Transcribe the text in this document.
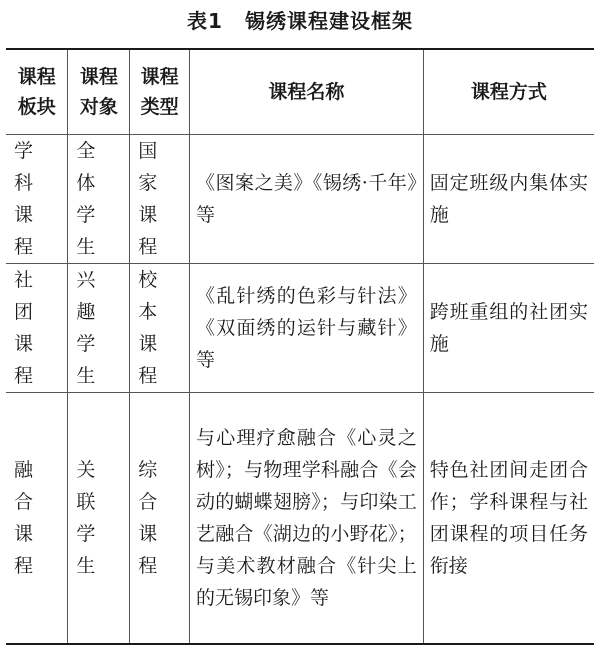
表1 锡绣课程建设框架
课程板块	课程对象	课程类型	课程名称	课程方式
学科课程	全体学生	国家课程	《图案之美》《锡绣·千年》等	固定班级内集体实施
社团课程	兴趣学生	校本课程	《乱针绣的色彩与针法》《双面绣的运针与藏针》等	跨班重组的社团实施
融合课程	关联学生	综合课程	与心理疗愈融合《心灵之树》；与物理学科融合《会动的蝴蝶翅膀》；与印染工艺融合《湖边的小野花》；与美术教材融合《针尖上的无锡印象》等	特色社团间走团合作；学科课程与社团课程的项目任务衔接
